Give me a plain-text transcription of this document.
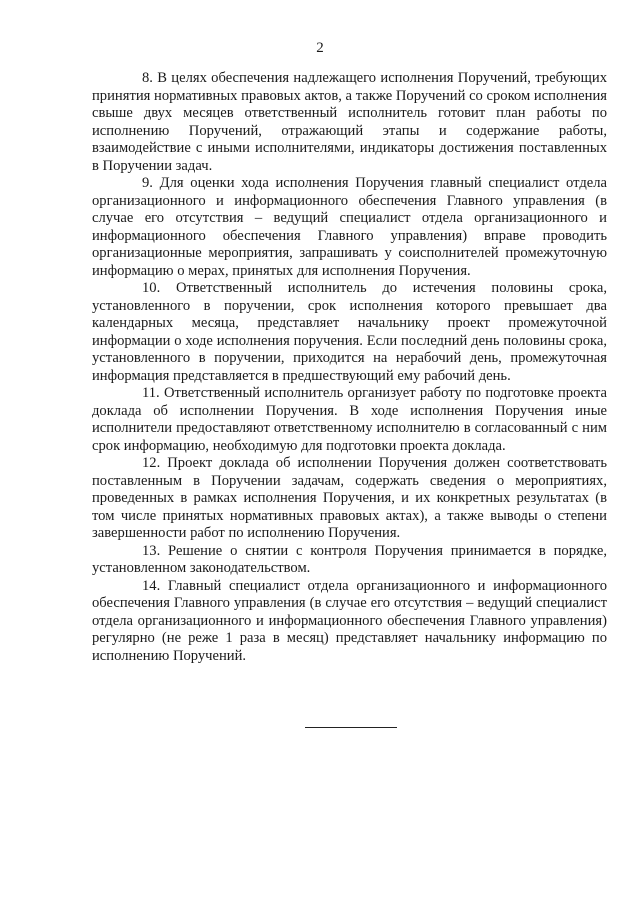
2

8. В целях обеспечения надлежащего исполнения Поручений, требующих принятия нормативных правовых актов, а также Поручений со сроком исполнения свыше двух месяцев ответственный исполнитель готовит план работы по исполнению Поручений, отражающий этапы и содержание работы, взаимодействие с иными исполнителями, индикаторы достижения поставленных в Поручении задач.

9. Для оценки хода исполнения Поручения главный специалист отдела организационного и информационного обеспечения Главного управления (в случае его отсутствия – ведущий специалист отдела организационного и информационного обеспечения Главного управления) вправе проводить организационные мероприятия, запрашивать у соисполнителей промежуточную информацию о мерах, принятых для исполнения Поручения.

10. Ответственный исполнитель до истечения половины срока, установленного в поручении, срок исполнения которого превышает два календарных месяца, представляет начальнику проект промежуточной информации о ходе исполнения поручения. Если последний день половины срока, установленного в поручении, приходится на нерабочий день, промежуточная информация представляется в предшествующий ему рабочий день.

11. Ответственный исполнитель организует работу по подготовке проекта доклада об исполнении Поручения. В ходе исполнения Поручения иные исполнители предоставляют ответственному исполнителю в согласованный с ним срок информацию, необходимую для подготовки проекта доклада.

12. Проект доклада об исполнении Поручения должен соответствовать поставленным в Поручении задачам, содержать сведения о мероприятиях, проведенных в рамках исполнения Поручения, и их конкретных результатах (в том числе принятых нормативных правовых актах), а также выводы о степени завершенности работ по исполнению Поручения.

13. Решение о снятии с контроля Поручения принимается в порядке, установленном законодательством.

14. Главный специалист отдела организационного и информационного обеспечения Главного управления (в случае его отсутствия – ведущий специалист отдела организационного и информационного обеспечения Главного управления) регулярно (не реже 1 раза в месяц) представляет начальнику информацию по исполнению Поручений.
